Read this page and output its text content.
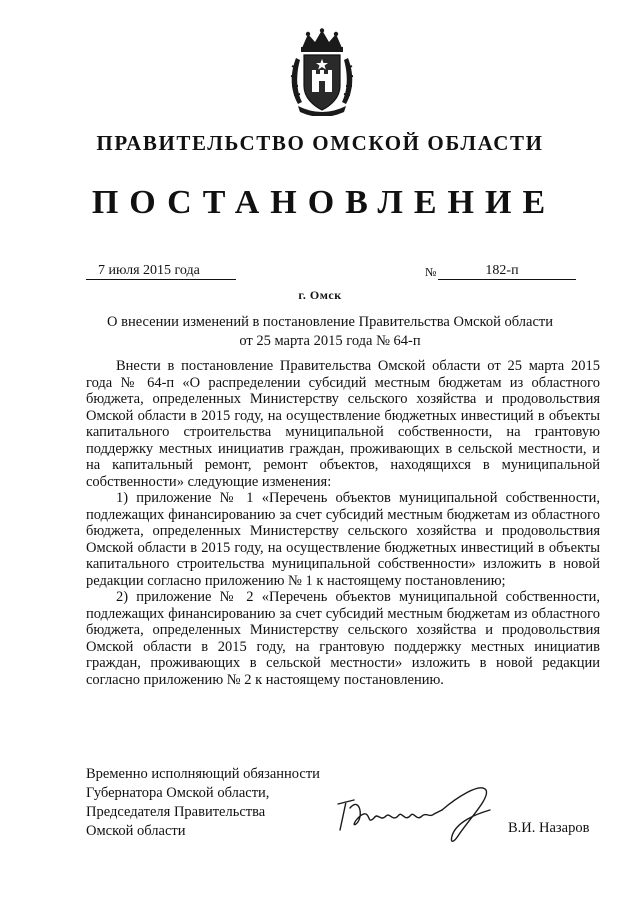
ПРАВИТЕЛЬСТВО ОМСКОЙ ОБЛАСТИ
ПОСТАНОВЛЕНИЕ
7 июля 2015 года	№	182-п
г. Омск
О внесении изменений в постановление Правительства Омской области
от 25 марта 2015 года № 64-п

Внести в постановление Правительства Омской области от 25 марта 2015 года № 64-п «О распределении субсидий местным бюджетам из областного бюджета, определенных Министерству сельского хозяйства и продовольствия Омской области в 2015 году, на осуществление бюджетных инвестиций в объекты капитального строительства муниципальной собственности, на грантовую поддержку местных инициатив граждан, проживающих в сельской местности, и на капитальный ремонт, ремонт объектов, находящихся в муниципальной собственности» следующие изменения:

1) приложение № 1 «Перечень объектов муниципальной собственности, подлежащих финансированию за счет субсидий местным бюджетам из областного бюджета, определенных Министерству сельского хозяйства и продовольствия Омской области в 2015 году, на осуществление бюджетных инвестиций в объекты капитального строительства муниципальной собственности» изложить в новой редакции согласно приложению № 1 к настоящему постановлению;

2) приложение № 2 «Перечень объектов муниципальной собственности, подлежащих финансированию за счет субсидий местным бюджетам из областного бюджета, определенных Министерству сельского хозяйства и продовольствия Омской области в 2015 году, на грантовую поддержку местных инициатив граждан, проживающих в сельской местности» изложить в новой редакции согласно приложению № 2 к настоящему постановлению.

Временно исполняющий обязанности
Губернатора Омской области,
Председателя Правительства
Омской области	В.И. Назаров
